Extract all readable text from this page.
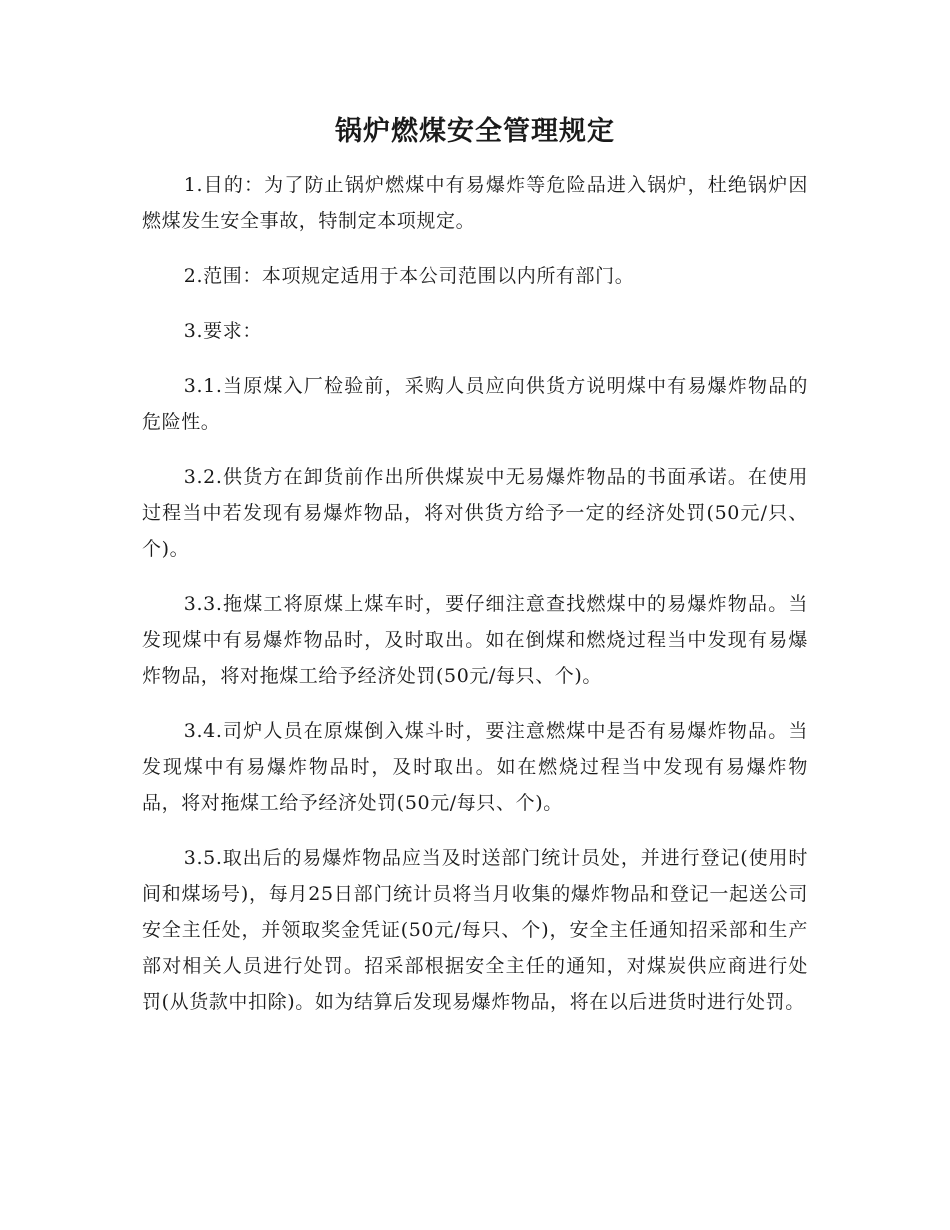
锅炉燃煤安全管理规定

1.目的：为了防止锅炉燃煤中有易爆炸等危险品进入锅炉，杜绝锅炉因燃煤发生安全事故，特制定本项规定。

2.范围：本项规定适用于本公司范围以内所有部门。

3.要求：

3.1.当原煤入厂检验前，采购人员应向供货方说明煤中有易爆炸物品的危险性。

3.2.供货方在卸货前作出所供煤炭中无易爆炸物品的书面承诺。在使用过程当中若发现有易爆炸物品，将对供货方给予一定的经济处罚(50元/只、个)。

3.3.拖煤工将原煤上煤车时，要仔细注意查找燃煤中的易爆炸物品。当发现煤中有易爆炸物品时，及时取出。如在倒煤和燃烧过程当中发现有易爆炸物品，将对拖煤工给予经济处罚(50元/每只、个)。

3.4.司炉人员在原煤倒入煤斗时，要注意燃煤中是否有易爆炸物品。当发现煤中有易爆炸物品时，及时取出。如在燃烧过程当中发现有易爆炸物品，将对拖煤工给予经济处罚(50元/每只、个)。

3.5.取出后的易爆炸物品应当及时送部门统计员处，并进行登记(使用时间和煤场号)，每月25日部门统计员将当月收集的爆炸物品和登记一起送公司安全主任处，并领取奖金凭证(50元/每只、个)，安全主任通知招采部和生产部对相关人员进行处罚。招采部根据安全主任的通知，对煤炭供应商进行处罚(从货款中扣除)。如为结算后发现易爆炸物品，将在以后进货时进行处罚。
